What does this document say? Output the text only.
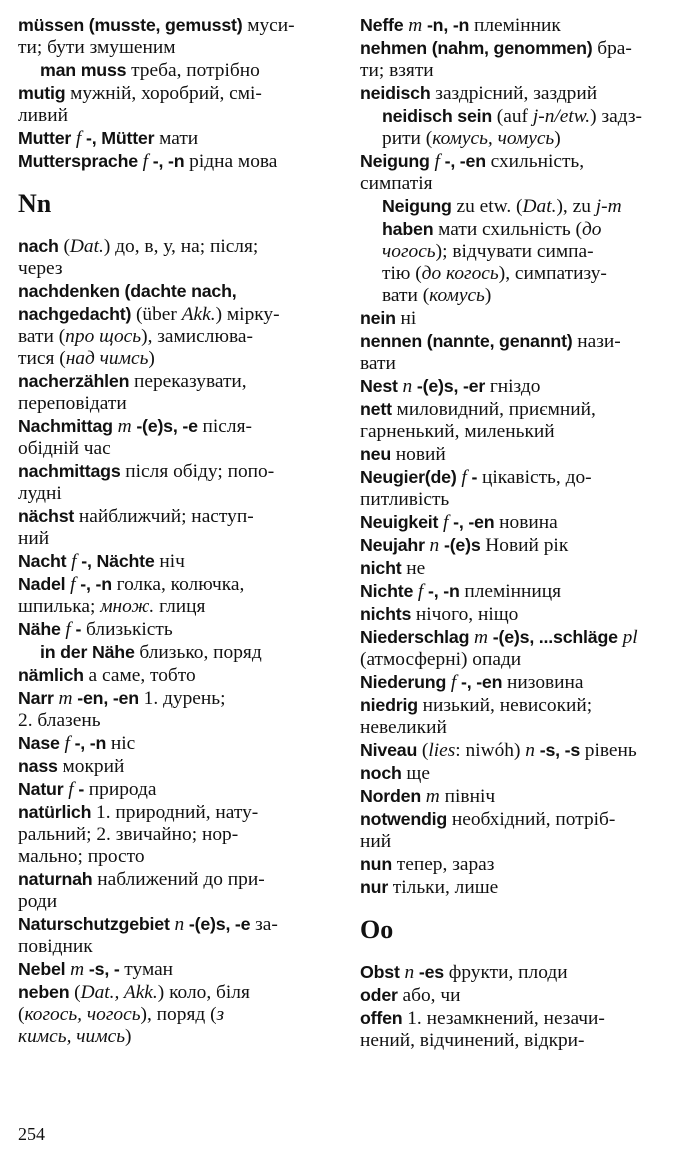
müssen (musste, gemusst) муси-
ти; бути змушеним
man muss треба, потрібно
mutig мужній, хоробрий, смі-
ливий
Mutter f -, Mütter мати
Muttersprache f -, -n рідна мова
Nn
nach (Dat.) до, в, у, на; після;
через
nachdenken (dachte nach,
nachgedacht) (über Akk.) мірку-
вати (про щось), замислюва-
тися (над чимсь)
nacherzählen переказувати,
переповідати
Nachmittag m -(e)s, -e після-
обідній час
nachmittags після обіду; попо-
лудні
nächst найближчий; наступ-
ний
Nacht f -, Nächte ніч
Nadel f -, -n голка, колючка,
шпилька; множ. глиця
Nähe f - близькість
in der Nähe близько, поряд
nämlich а саме, тобто
Narr m -en, -en 1. дурень;
2. блазень
Nase f -, -n ніс
nass мокрий
Natur f - природа
natürlich 1. природний, нату-
ральний; 2. звичайно; нор-
мально; просто
naturnah наближений до при-
роди
Naturschutzgebiet n -(e)s, -e за-
повідник
Nebel m -s, - туман
neben (Dat., Akk.) коло, біля
(когось, чогось), поряд (з
кимсь, чимсь)
Neffe m -n, -n племінник
nehmen (nahm, genommen) бра-
ти; взяти
neidisch заздрісний, заздрий
neidisch sein (auf j-n/etw.) задз-
рити (комусь, чомусь)
Neigung f -, -en схильність,
симпатія
Neigung zu etw. (Dat.), zu j-m
haben мати схильність (до
чогось); відчувати симпа-
тію (до когось), симпатизу-
вати (комусь)
nein ні
nennen (nannte, genannt) нази-
вати
Nest n -(e)s, -er гніздо
nett миловидний, приємний,
гарненький, миленький
neu новий
Neugier(de) f - цікавість, до-
питливість
Neuigkeit f -, -en новина
Neujahr n -(e)s Новий рік
nicht не
Nichte f -, -n племінниця
nichts нічого, ніщо
Niederschlag m -(e)s, ...schläge pl
(атмосферні) опади
Niederung f -, -en низовина
niedrig низький, невисокий;
невеликий
Niveau (lies: niwóh) n -s, -s рівень
noch ще
Norden m північ
notwendig необхідний, потріб-
ний
nun тепер, зараз
nur тільки, лише
Oo
Obst n -es фрукти, плоди
oder або, чи
offen 1. незамкнений, незачи-
нений, відчинений, відкри-
254
